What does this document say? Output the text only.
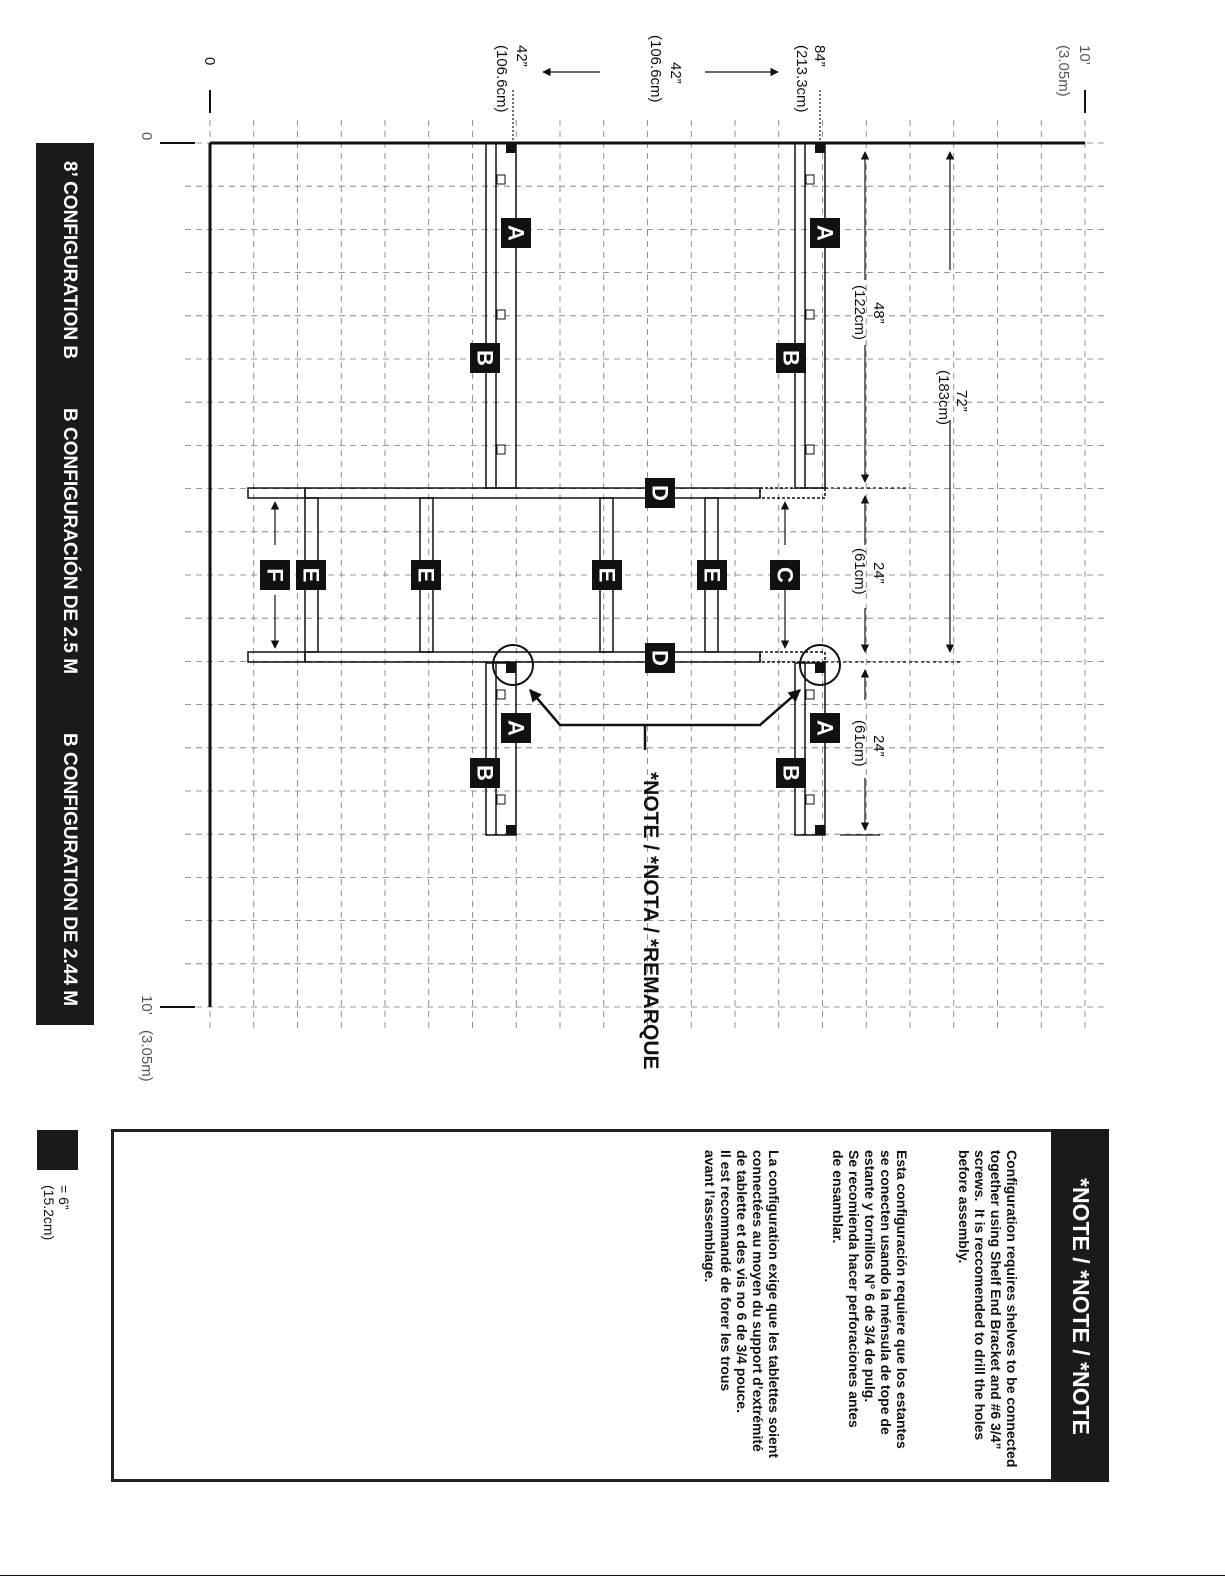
A
A
A
A
B
B
B
B
C
D
D
E
E
E
E
F
0	10’
(3.05m)
0
10’
(3.05m)
84”
(213.3cm)
42”
(106.6cm)
42”
(106.6cm)
72”
(183cm)
48”
(122cm)
24”
(61cm)
24”
(61cm)
*NOTE / *NOTA / *REMARQUE
8’ CONFIGURATION B
B CONFIGURACIÓN DE 2.5 M
B CONFIGURATION DE 2.44 M
*NOTE / *NOTE / *NOTE
Configuration requires shelves to be connected
together using Shelf End Bracket and #6 3/4”
screws.  It is reccomended to drill the holes
before assembly.
Esta configuración requiere que los estantes
se conecten usando la ménsula de tope de
estante y tornillos N° 6 de 3/4 de pulg.
Se recomienda hacer perforaciones antes
de ensamblar.
La configuration exige que les tablettes soient
connectées au moyen du support d’extrémité
de tablette et des vis no 6 de 3/4 pouce.
Il est recommandé de forer les trous
avant l’assemblage.
= 6”
(15.2cm)
